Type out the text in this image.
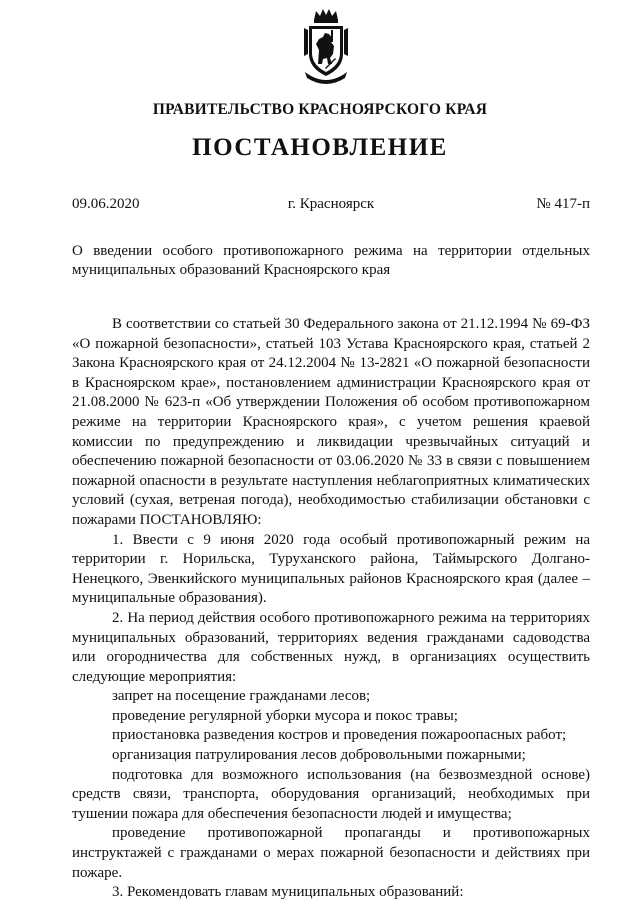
ПРАВИТЕЛЬСТВО КРАСНОЯРСКОГО КРАЯ
ПОСТАНОВЛЕНИЕ
09.06.2020	г. Красноярск	№ 417-п
О введении особого противопожарного режима на территории отдельных муниципальных образований Красноярского края

В соответствии со статьей 30 Федерального закона от 21.12.1994 № 69-ФЗ «О пожарной безопасности», статьей 103 Устава Красноярского края, статьей 2 Закона Красноярского края от 24.12.2004 № 13-2821 «О пожарной безопасности в Красноярском крае», постановлением администрации Красноярского края от 21.08.2000 № 623-п «Об утверждении Положения об особом противопожарном режиме на территории Красноярского края», с учетом решения краевой комиссии по предупреждению и ликвидации чрезвычайных ситуаций и обеспечению пожарной безопасности от 03.06.2020 № 33 в связи с повышением пожарной опасности в результате наступления неблагоприятных климатических условий (сухая, ветреная погода), необходимостью стабилизации обстановки с пожарами ПОСТАНОВЛЯЮ:

1. Ввести с 9 июня 2020 года особый противопожарный режим на территории г. Норильска, Туруханского района, Таймырского Долгано-Ненецкого, Эвенкийского муниципальных районов Красноярского края (далее – муниципальные образования).

2. На период действия особого противопожарного режима на территориях муниципальных образований, территориях ведения гражданами садоводства или огородничества для собственных нужд, в организациях осуществить следующие мероприятия:

запрет на посещение гражданами лесов;

проведение регулярной уборки мусора и покос травы;

приостановка разведения костров и проведения пожароопасных работ;

организация патрулирования лесов добровольными пожарными;

подготовка для возможного использования (на безвозмездной основе) средств связи, транспорта, оборудования организаций, необходимых при тушении пожара для обеспечения безопасности людей и имущества;

проведение противопожарной пропаганды и противопожарных инструктажей с гражданами о мерах пожарной безопасности и действиях при пожаре.

3. Рекомендовать главам муниципальных образований:
